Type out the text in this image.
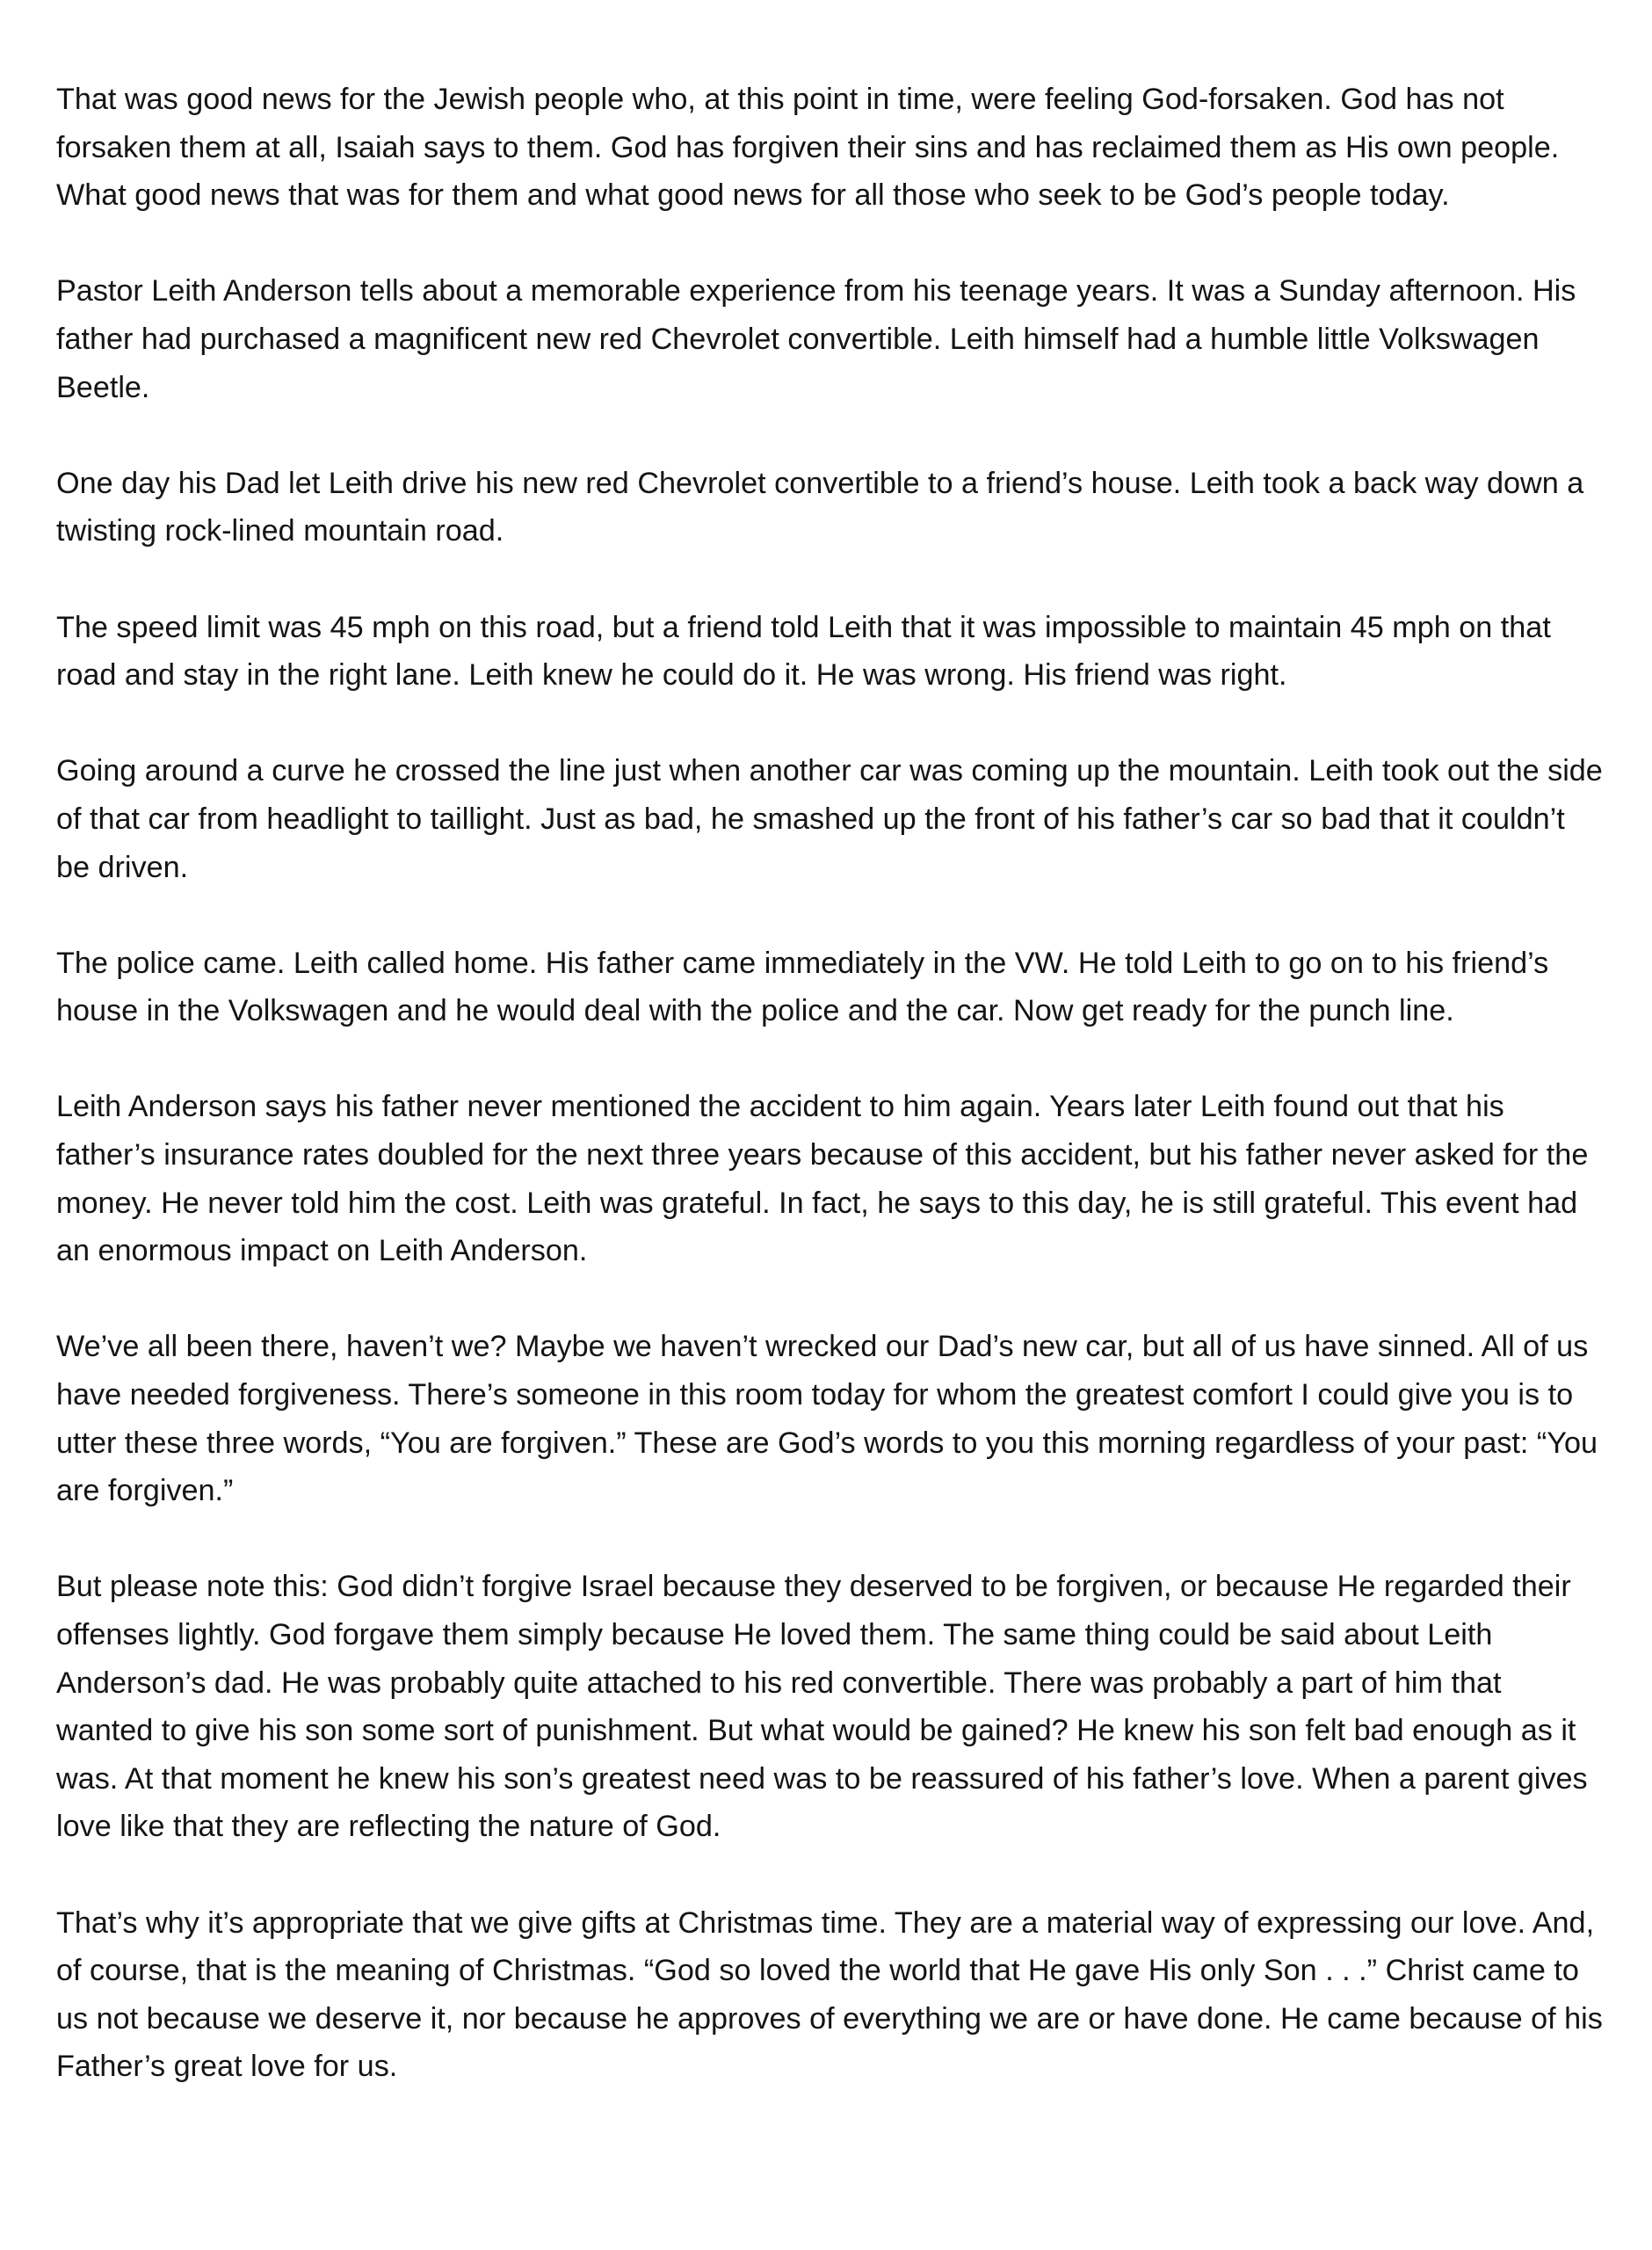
That was good news for the Jewish people who, at this point in time, were feeling God-forsaken. God has not forsaken them at all, Isaiah says to them. God has forgiven their sins and has reclaimed them as His own people. What good news that was for them and what good news for all those who seek to be God’s people today.

Pastor Leith Anderson tells about a memorable experience from his teenage years. It was a Sunday afternoon. His father had purchased a magnificent new red Chevrolet convertible. Leith himself had a humble little Volkswagen Beetle.

One day his Dad let Leith drive his new red Chevrolet convertible to a friend’s house. Leith took a back way down a twisting rock-lined mountain road.

The speed limit was 45 mph on this road, but a friend told Leith that it was impossible to maintain 45 mph on that road and stay in the right lane. Leith knew he could do it. He was wrong. His friend was right.

Going around a curve he crossed the line just when another car was coming up the mountain. Leith took out the side of that car from headlight to taillight. Just as bad, he smashed up the front of his father’s car so bad that it couldn’t be driven.

The police came. Leith called home. His father came immediately in the VW. He told Leith to go on to his friend’s house in the Volkswagen and he would deal with the police and the car. Now get ready for the punch line.

Leith Anderson says his father never mentioned the accident to him again. Years later Leith found out that his father’s insurance rates doubled for the next three years because of this accident, but his father never asked for the money. He never told him the cost. Leith was grateful. In fact, he says to this day, he is still grateful. This event had an enormous impact on Leith Anderson.

We’ve all been there, haven’t we? Maybe we haven’t wrecked our Dad’s new car, but all of us have sinned. All of us have needed forgiveness. There’s someone in this room today for whom the greatest comfort I could give you is to utter these three words, “You are forgiven.” These are God’s words to you this morning regardless of your past: “You are forgiven.”

But please note this: God didn’t forgive Israel because they deserved to be forgiven, or because He regarded their offenses lightly. God forgave them simply because He loved them. The same thing could be said about Leith Anderson’s dad. He was probably quite attached to his red convertible. There was probably a part of him that wanted to give his son some sort of punishment. But what would be gained? He knew his son felt bad enough as it was. At that moment he knew his son’s greatest need was to be reassured of his father’s love. When a parent gives love like that they are reflecting the nature of God.

That’s why it’s appropriate that we give gifts at Christmas time. They are a material way of expressing our love. And, of course, that is the meaning of Christmas. “God so loved the world that He gave His only Son . . .” Christ came to us not because we deserve it, nor because he approves of everything we are or have done. He came because of his Father’s great love for us.
